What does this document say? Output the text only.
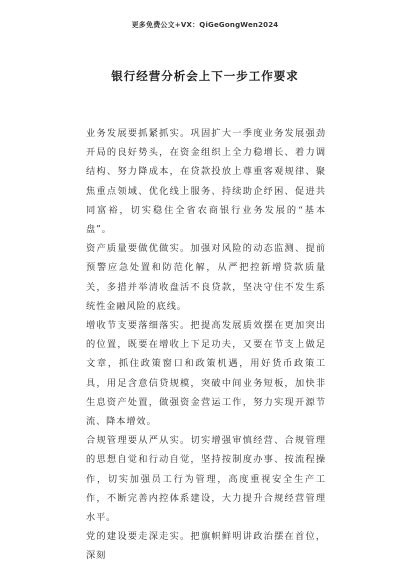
更多免费公文+VX：QiGeGongWen2024
银行经营分析会上下一步工作要求

业务发展要抓紧抓实。巩固扩大一季度业务发展强劲开局的良好势头，在资金组织上全力稳增长、着力调结构、努力降成本，在贷款投放上尊重客观规律、聚焦重点领域、优化线上服务、持续助企纾困、促进共同富裕，切实稳住全省农商银行业务发展的“基本盘”。

资产质量要做优做实。加强对风险的动态监测、提前预警应急处置和防范化解，从严把控新增贷款质量关，多措并举清收盘活不良贷款，坚决守住不发生系统性金融风险的底线。

增收节支要落细落实。把提高发展质效摆在更加突出的位置，既要在增收上下足功夫，又要在节支上做足文章，抓住政策窗口和政策机遇，用好货币政策工具，用足含意信贷规模，突破中间业务短板，加快非生息资产处置，做强资金营运工作，努力实现开源节流、降本增效。

合规管理要从严从实。切实增强审慎经营、合规管理的思想自觉和行动自觉，坚持按制度办事、按流程操作，切实加强员工行为管理，高度重视安全生产工作，不断完善内控体系建设，大力提升合规经营管理水平。

党的建设要走深走实。把旗帜鲜明讲政治摆在首位，深刻
